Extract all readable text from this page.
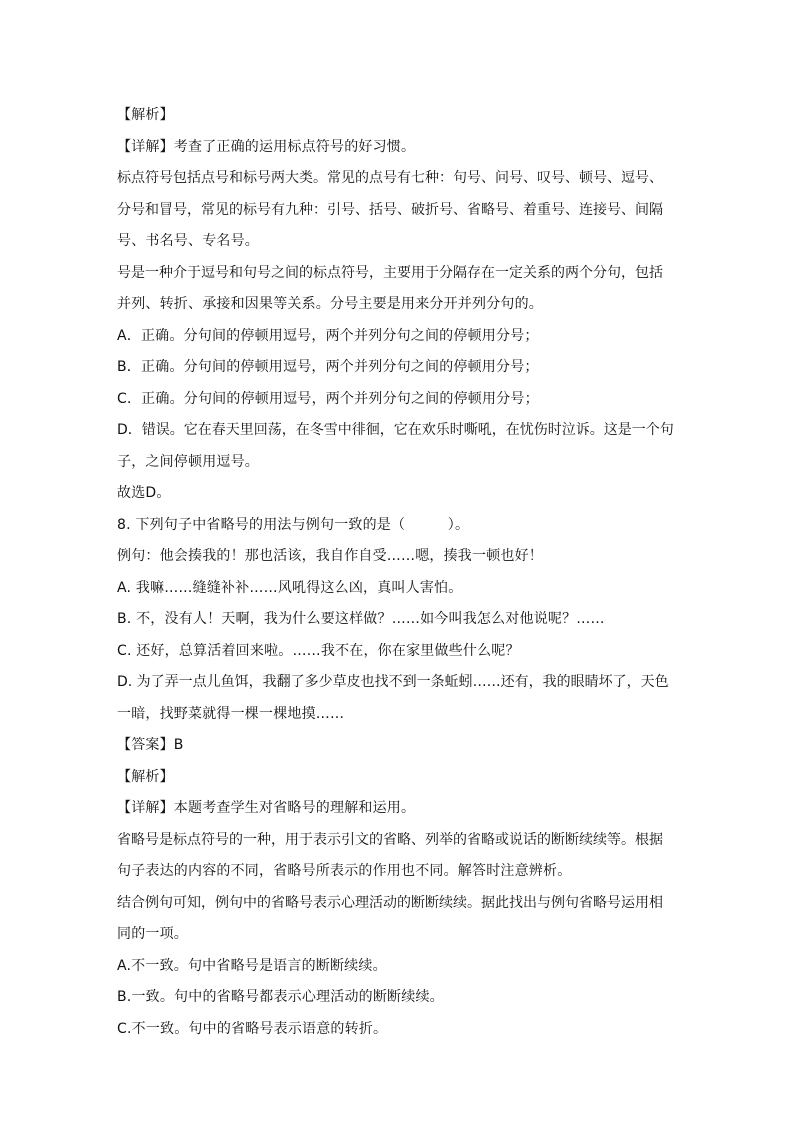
【解析】
【详解】考查了正确的运用标点符号的好习惯。
标点符号包括点号和标号两大类。常见的点号有七种：句号、问号、叹号、顿号、逗号、
分号和冒号，常见的标号有九种：引号、括号、破折号、省略号、着重号、连接号、间隔
号、书名号、专名号。
号是一种介于逗号和句号之间的标点符号，主要用于分隔存在一定关系的两个分句，包括
并列、转折、承接和因果等关系。分号主要是用来分开并列分句的。
A．正确。分句间的停顿用逗号，两个并列分句之间的停顿用分号；
B．正确。分句间的停顿用逗号，两个并列分句之间的停顿用分号；
C．正确。分句间的停顿用逗号，两个并列分句之间的停顿用分号；
D．错误。它在春天里回荡，在冬雪中徘徊，它在欢乐时嘶吼，在忧伤时泣诉。这是一个句
子，之间停顿用逗号。
故选D。
8. 下列句子中省略号的用法与例句一致的是（　　　）。
例句：他会揍我的！那也活该，我自作自受……嗯，揍我一顿也好！
A. 我嘛……缝缝补补……风吼得这么凶，真叫人害怕。
B. 不，没有人！天啊，我为什么要这样做？……如今叫我怎么对他说呢？……
C. 还好，总算活着回来啦。……我不在，你在家里做些什么呢？
D. 为了弄一点儿鱼饵，我翻了多少草皮也找不到一条蚯蚓……还有，我的眼睛坏了，天色
一暗，找野菜就得一棵一棵地摸……
【答案】B
【解析】
【详解】本题考查学生对省略号的理解和运用。
省略号是标点符号的一种，用于表示引文的省略、列举的省略或说话的断断续续等。根据
句子表达的内容的不同，省略号所表示的作用也不同。解答时注意辨析。
结合例句可知，例句中的省略号表示心理活动的断断续续。据此找出与例句省略号运用相
同的一项。
A.不一致。句中省略号是语言的断断续续。
B.一致。句中的省略号都表示心理活动的断断续续。
C.不一致。句中的省略号表示语意的转折。
